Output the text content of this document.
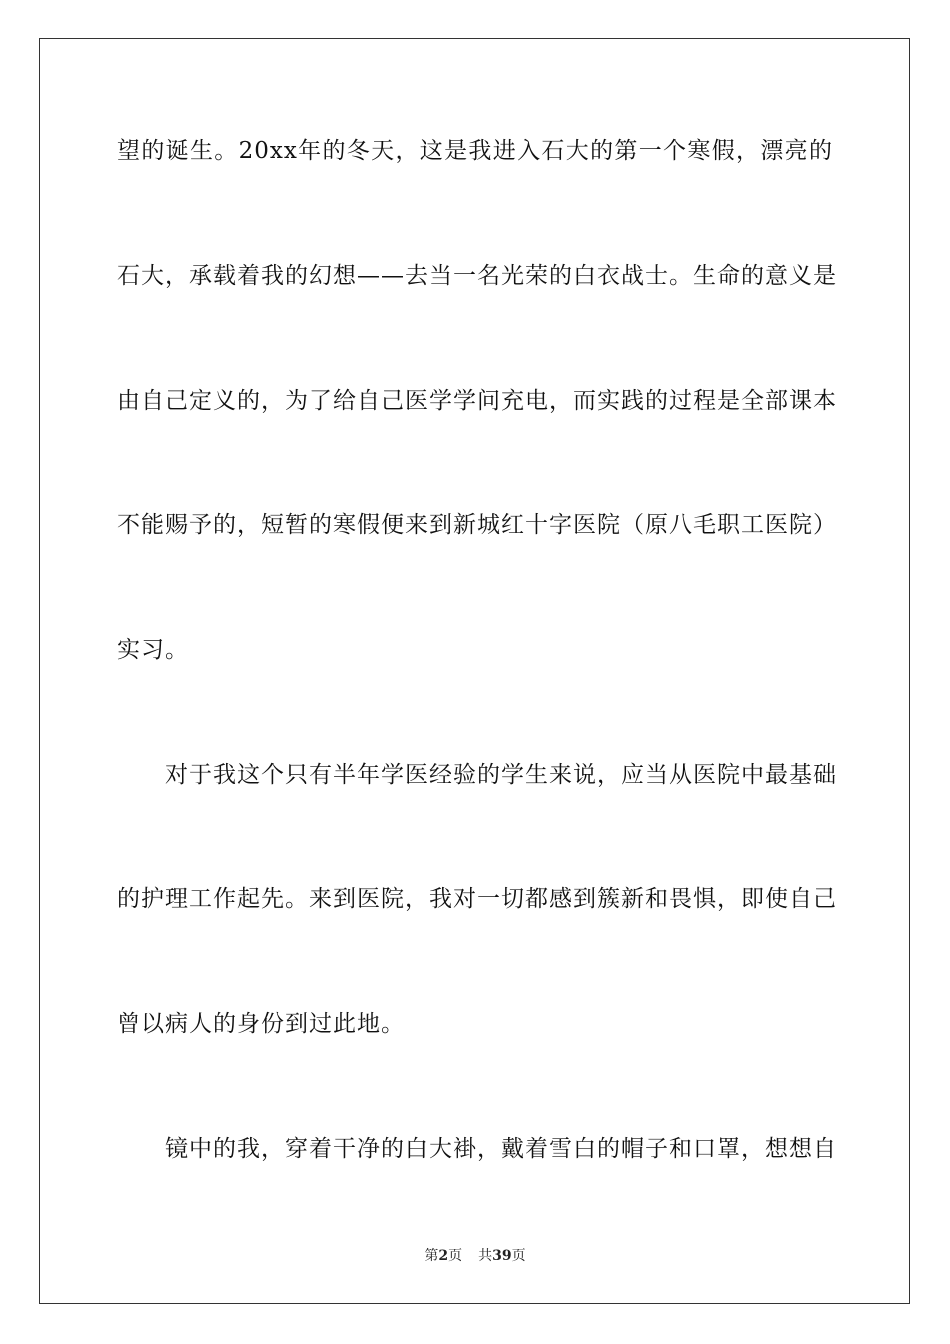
望的诞生。20xx年的冬天，这是我进入石大的第一个寒假，漂亮的
石大，承载着我的幻想——去当一名光荣的白衣战士。生命的意义是
由自己定义的，为了给自己医学学问充电，而实践的过程是全部课本
不能赐予的，短暂的寒假便来到新城红十字医院（原八毛职工医院）
实习。
对于我这个只有半年学医经验的学生来说，应当从医院中最基础
的护理工作起先。来到医院，我对一切都感到簇新和畏惧，即使自己
曾以病人的身份到过此地。
镜中的我，穿着干净的白大褂，戴着雪白的帽子和口罩，想想自
第2页 共39页
